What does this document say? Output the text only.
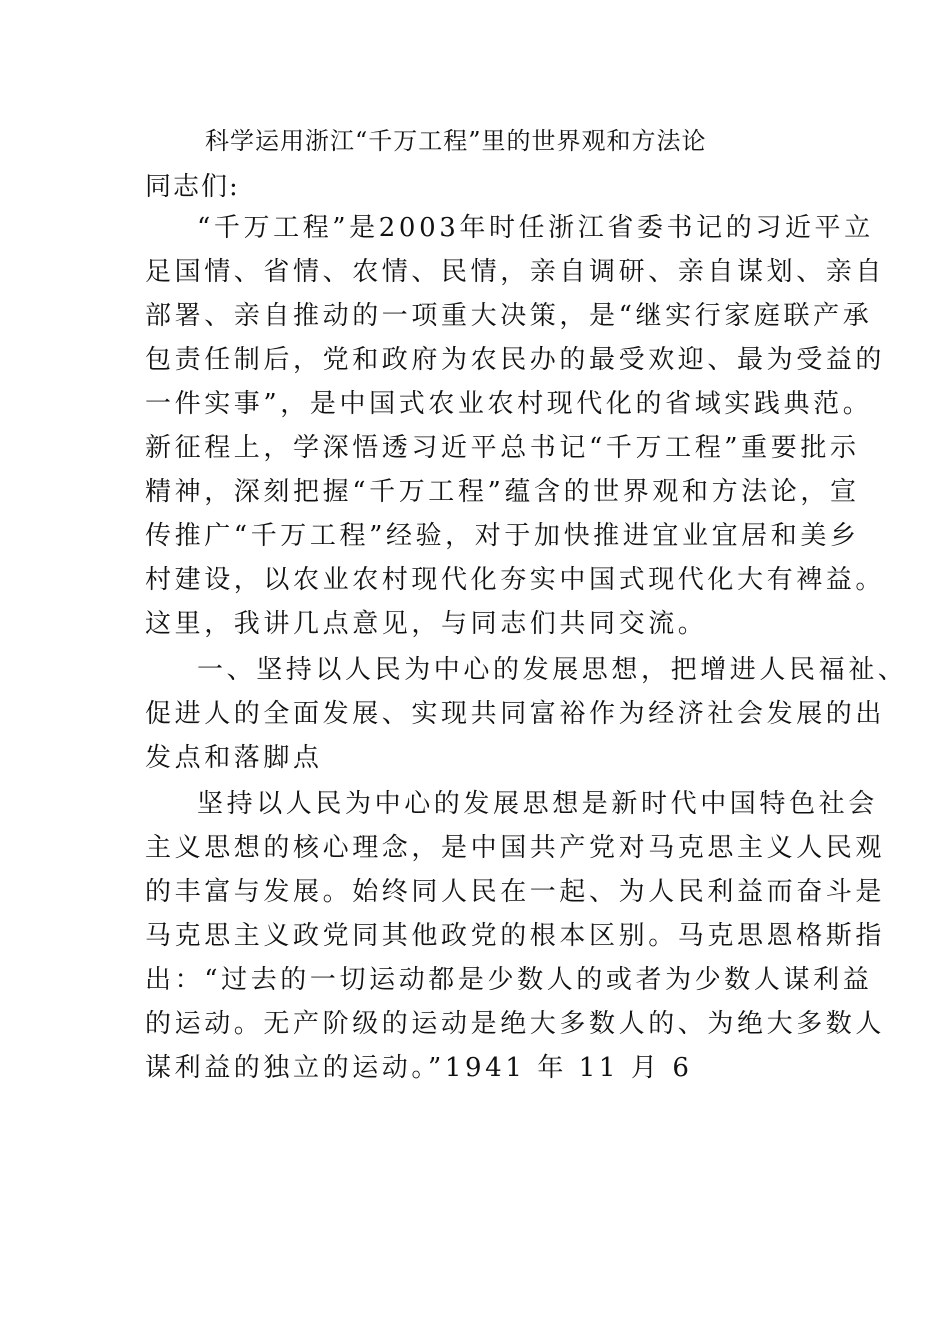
科学运用浙江“千万工程”里的世界观和方法论
同志们:
“千万工程”是2003年时任浙江省委书记的习近平立
足国情、省情、农情、民情，亲自调研、亲自谋划、亲自
部署、亲自推动的一项重大决策，是“继实行家庭联产承
包责任制后，党和政府为农民办的最受欢迎、最为受益的
一件实事”，是中国式农业农村现代化的省域实践典范。
新征程上，学深悟透习近平总书记“千万工程”重要批示
精神，深刻把握“千万工程”蕴含的世界观和方法论，宣
传推广“千万工程”经验，对于加快推进宜业宜居和美乡
村建设，以农业农村现代化夯实中国式现代化大有裨益。
这里，我讲几点意见，与同志们共同交流。
一、坚持以人民为中心的发展思想，把增进人民福祉、
促进人的全面发展、实现共同富裕作为经济社会发展的出
发点和落脚点
坚持以人民为中心的发展思想是新时代中国特色社会
主义思想的核心理念，是中国共产党对马克思主义人民观
的丰富与发展。始终同人民在一起、为人民利益而奋斗是
马克思主义政党同其他政党的根本区别。马克思恩格斯指
出：“过去的一切运动都是少数人的或者为少数人谋利益
的运动。无产阶级的运动是绝大多数人的、为绝大多数人
谋利益的独立的运动。”1941 年 11 月 6
